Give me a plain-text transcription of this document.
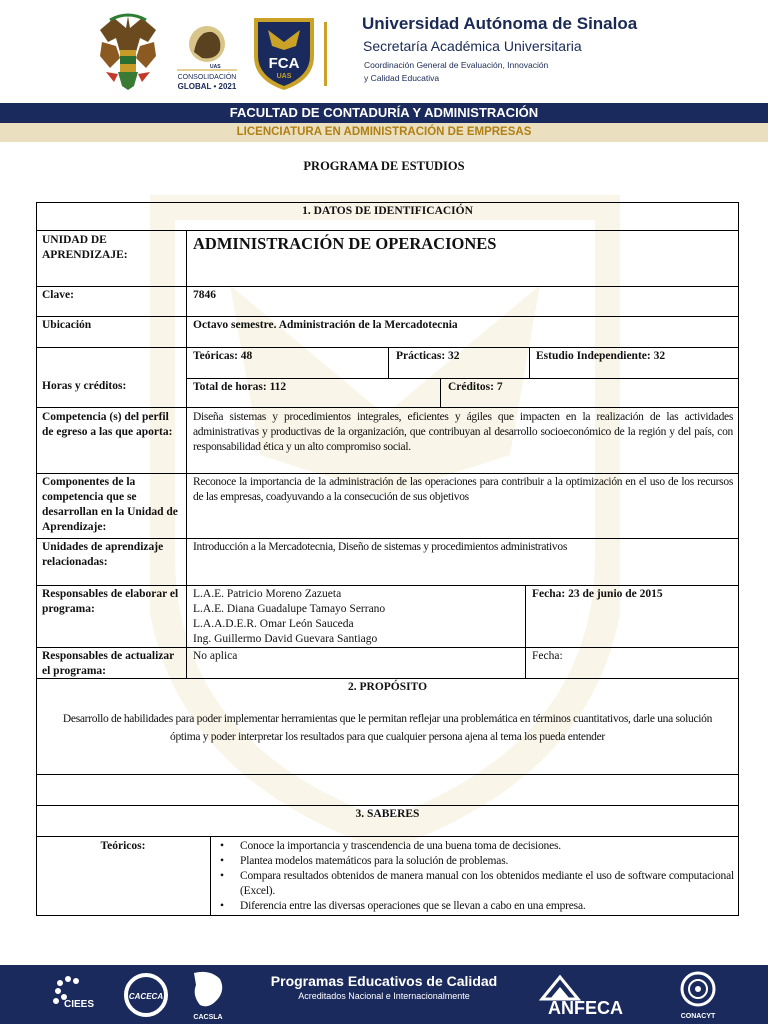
UAS
CONSOLIDACIÓN
GLOBAL • 2021
FCA
UAS
Universidad Autónoma de Sinaloa
Secretaría Académica Universitaria
Coordinación General de Evaluación, Innovación
y Calidad Educativa
FACULTAD DE CONTADURÍA Y ADMINISTRACIÓN
LICENCIATURA EN ADMINISTRACIÓN DE EMPRESAS
PROGRAMA DE ESTUDIOS
1. DATOS DE IDENTIFICACIÓN
UNIDAD DE APRENDIZAJE:
ADMINISTRACIÓN DE OPERACIONES
Clave:	7846
Ubicación	Octavo semestre. Administración de la Mercadotecnia
Horas y créditos:
Teóricas: 48	Prácticas: 32	Estudio Independiente: 32
Total de horas: 112	Créditos: 7
Competencia (s) del perfil de egreso a las que aporta:
Diseña sistemas y procedimientos integrales, eficientes y ágiles que impacten en la realización de las actividades administrativas y productivas de la organización, que contribuyan al desarrollo socioeconómico de la región y del país, con responsabilidad ética y un alto compromiso social.
Componentes de la competencia que se desarrollan en la Unidad de Aprendizaje:
Reconoce la importancia de la administración de las operaciones para contribuir a la optimización en el uso de los recursos de las empresas, coadyuvando a la consecución de sus objetivos
Unidades de aprendizaje relacionadas:
Introducción a la Mercadotecnia, Diseño de sistemas y procedimientos administrativos
Responsables de elaborar el programa:
L.A.E. Patricio Moreno Zazueta
L.A.E. Diana Guadalupe Tamayo Serrano
L.A.A.D.E.R. Omar León Sauceda
Ing. Guillermo David Guevara Santiago
Fecha: 23 de junio de 2015
Responsables de actualizar el programa:
No aplica	Fecha:
2. PROPÓSITO
Desarrollo de habilidades para poder implementar herramientas que le permitan reflejar una problemática en términos cuantitativos, darle una solución óptima y poder interpretar los resultados para que cualquier persona ajena al tema los pueda entender
3. SABERES
Teóricos:
•	Conoce la importancia y trascendencia de una buena toma de decisiones.
• Plantea modelos matemáticos para la solución de problemas.
• Compara resultados obtenidos de manera manual con los obtenidos mediante el uso de software computacional (Excel).
• Diferencia entre las diversas operaciones que se llevan a cabo en una empresa.
CIEES
CACECA
CACSLA
Programas Educativos de Calidad
Acreditados Nacional e Internacionalmente
ANFECA	CONACYT
